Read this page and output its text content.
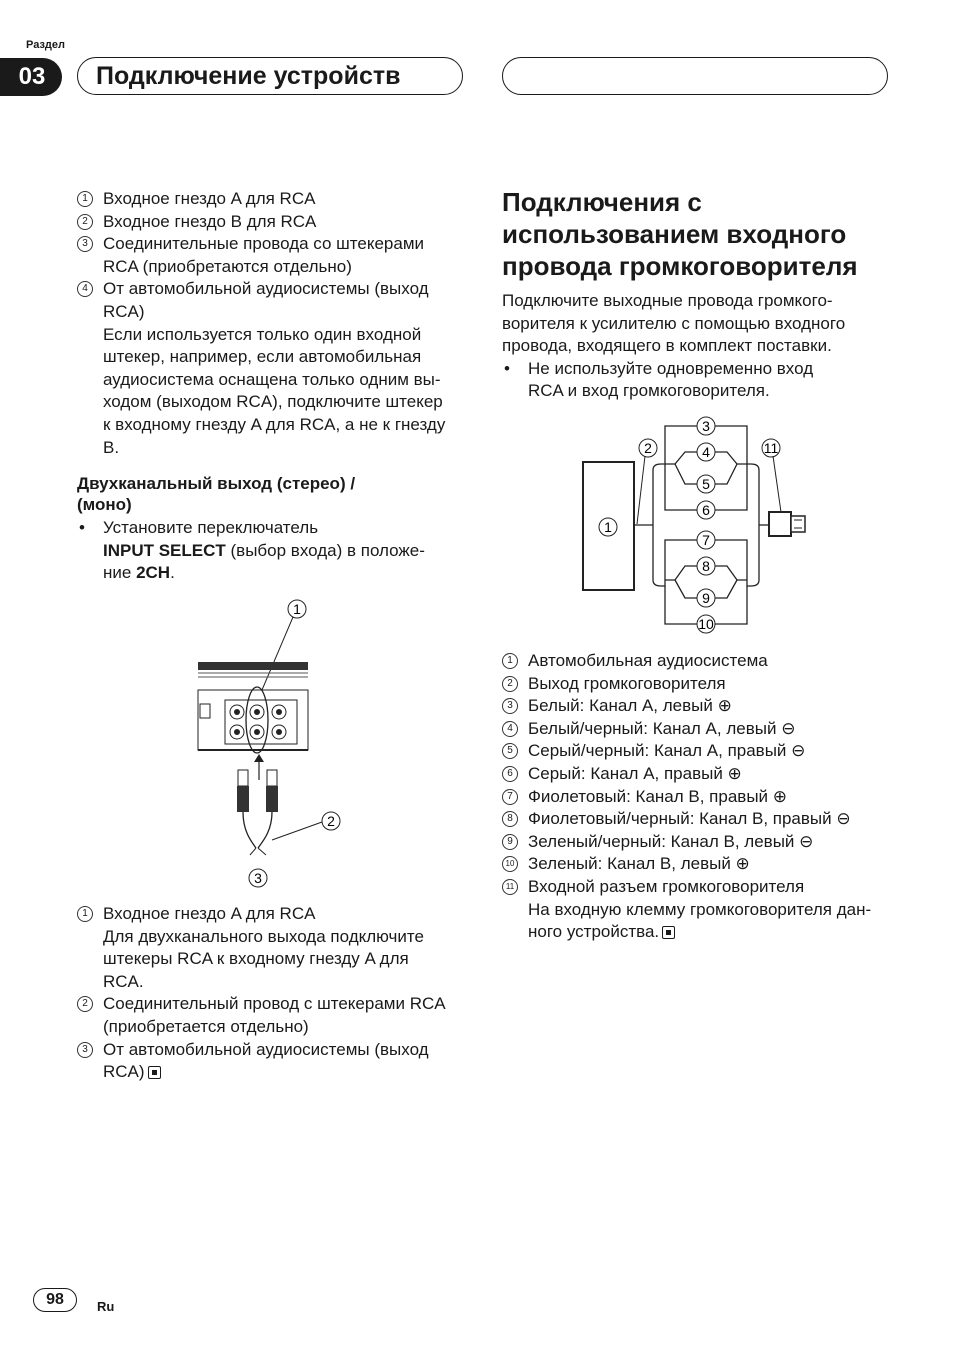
Раздел
03	Подключение устройств
1 Входное гнездо A для RCA
2 Входное гнездо B для RCA
3 Соединительные провода со штекерами
RCA (приобретаются отдельно)
4 От автомобильной аудиосистемы (выход
RCA)
Если используется только один входной
штекер, например, если автомобильная
аудиосистема оснащена только одним вы-
ходом (выходом RCA), подключите штекер
к входному гнезду A для RCA, а не к гнезду
B.
Двухканальный выход (стерео) /
(моно)
• Установите переключатель
INPUT SELECT (выбор входа) в положе-
ние 2CH.
1
2
3
1 Входное гнездо A для RCA
Для двухканального выхода подключите
штекеры RCA к входному гнезду A для
RCA.
2 Соединительный провод с штекерами RCA
(приобретается отдельно)
3 От автомобильной аудиосистемы (выход
RCA)
Подключения с
использованием входного
провода громкоговорителя
Подключите выходные провода громкого-
ворителя к усилителю с помощью входного
провода, входящего в комплект поставки.
• Не используйте одновременно вход
RCA и вход громкоговорителя.
1
2	11
3
4
5
6
7
8
9
10
1 Автомобильная аудиосистема
2 Выход громкоговорителя
3 Белый: Канал A, левый ⊕
4 Белый/черный: Канал A, левый ⊖
5 Серый/черный: Канал A, правый ⊖
6 Серый: Канал A, правый ⊕
7 Фиолетовый: Канал B, правый ⊕
8 Фиолетовый/черный: Канал B, правый ⊖
9 Зеленый/черный: Канал B, левый ⊖
10 Зеленый: Канал B, левый ⊕
11 Входной разъем громкоговорителя
На входную клемму громкоговорителя дан-
ного устройства.
98	Ru
